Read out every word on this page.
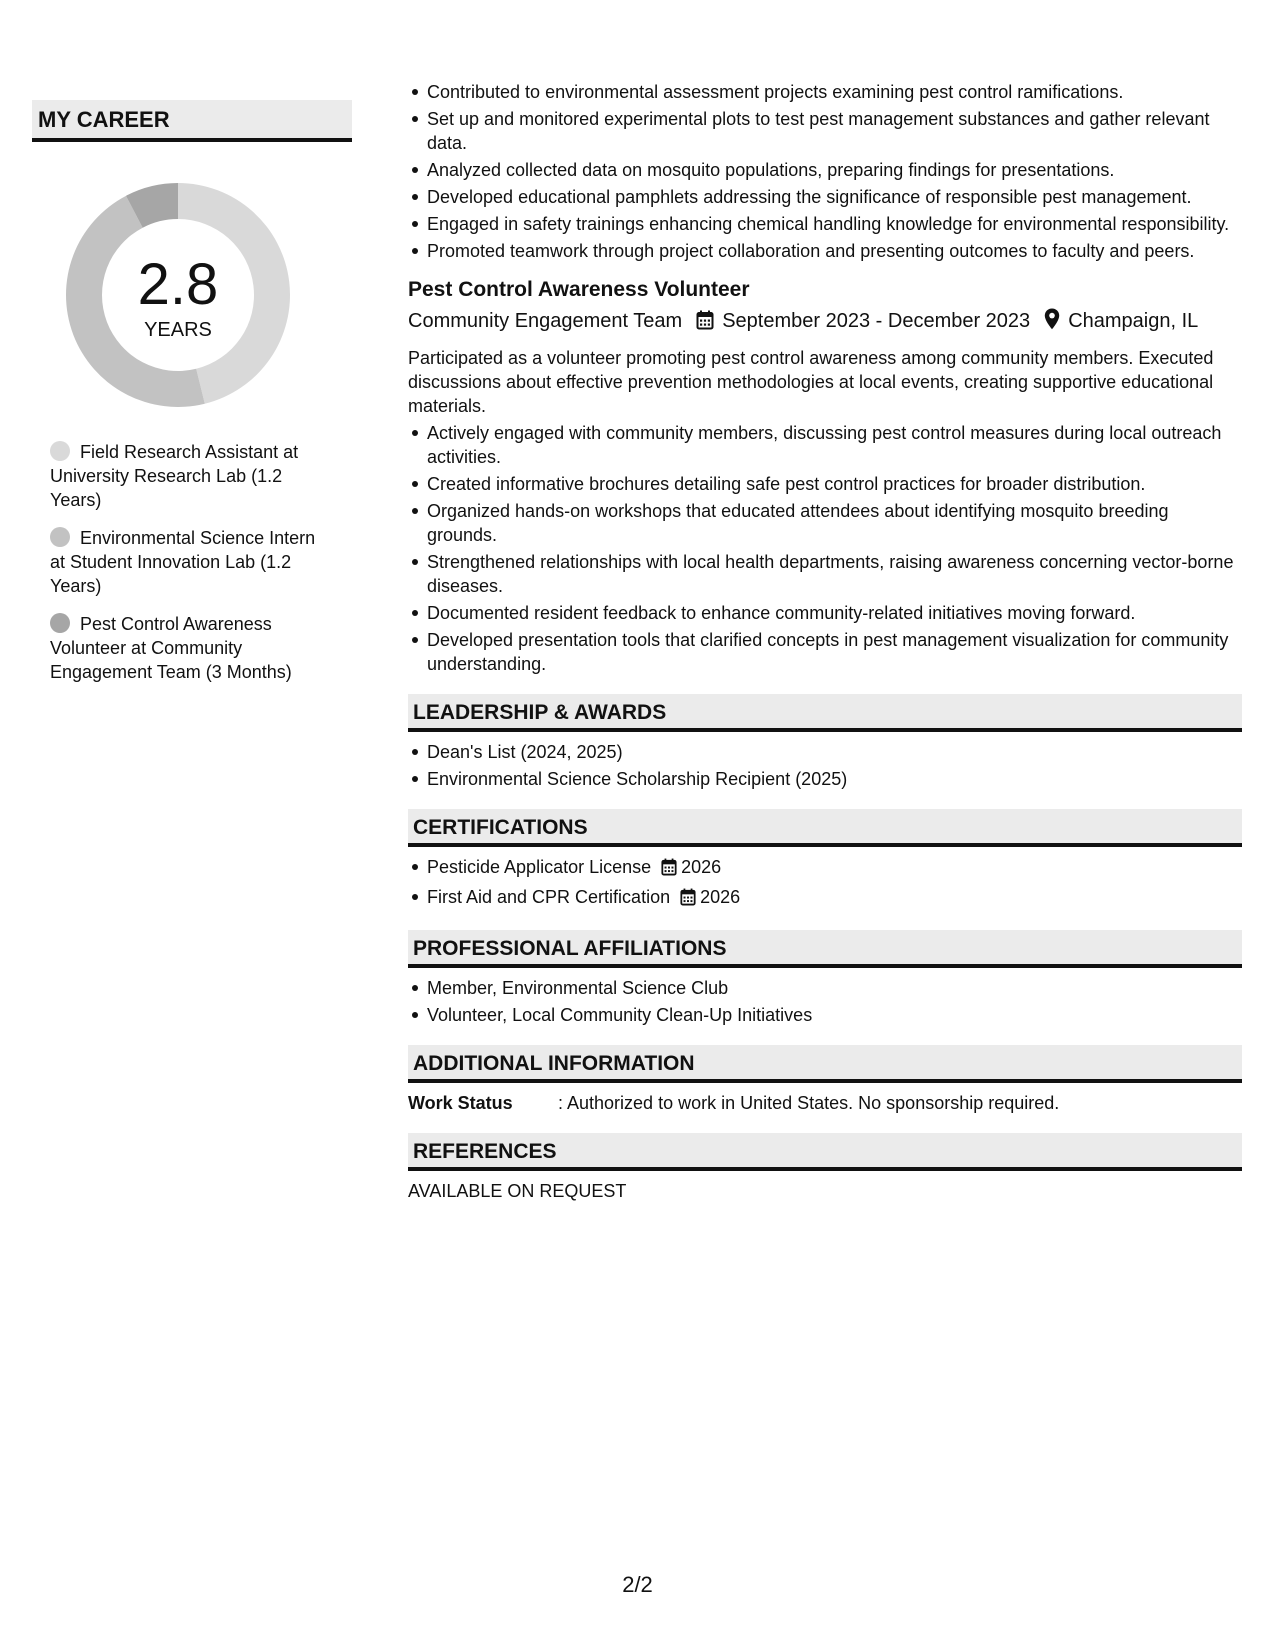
MY CAREER
2.8
YEARS
Field Research Assistant at University Research Lab (1.2 Years)
Environmental Science Intern at Student Innovation Lab (1.2 Years)
Pest Control Awareness Volunteer at Community Engagement Team (3 Months)
Contributed to environmental assessment projects examining pest control ramifications.
Set up and monitored experimental plots to test pest management substances and gather relevant data.
Analyzed collected data on mosquito populations, preparing findings for presentations.
Developed educational pamphlets addressing the significance of responsible pest management.
Engaged in safety trainings enhancing chemical handling knowledge for environmental responsibility.
Promoted teamwork through project collaboration and presenting outcomes to faculty and peers.
Pest Control Awareness Volunteer
Community Engagement Team September 2023 - December 2023 Champaign, IL
Participated as a volunteer promoting pest control awareness among community members. Executed discussions about effective prevention methodologies at local events, creating supportive educational materials.
Actively engaged with community members, discussing pest control measures during local outreach activities.
Created informative brochures detailing safe pest control practices for broader distribution.
Organized hands-on workshops that educated attendees about identifying mosquito breeding grounds.
Strengthened relationships with local health departments, raising awareness concerning vector-borne diseases.
Documented resident feedback to enhance community-related initiatives moving forward.
Developed presentation tools that clarified concepts in pest management visualization for community understanding.
LEADERSHIP & AWARDS
Dean's List (2024, 2025)
Environmental Science Scholarship Recipient (2025)
CERTIFICATIONS
Pesticide Applicator License 2026
First Aid and CPR Certification 2026
PROFESSIONAL AFFILIATIONS
Member, Environmental Science Club
Volunteer, Local Community Clean-Up Initiatives
ADDITIONAL INFORMATION
Work Status	: Authorized to work in United States. No sponsorship required.
REFERENCES
AVAILABLE ON REQUEST
2/2
